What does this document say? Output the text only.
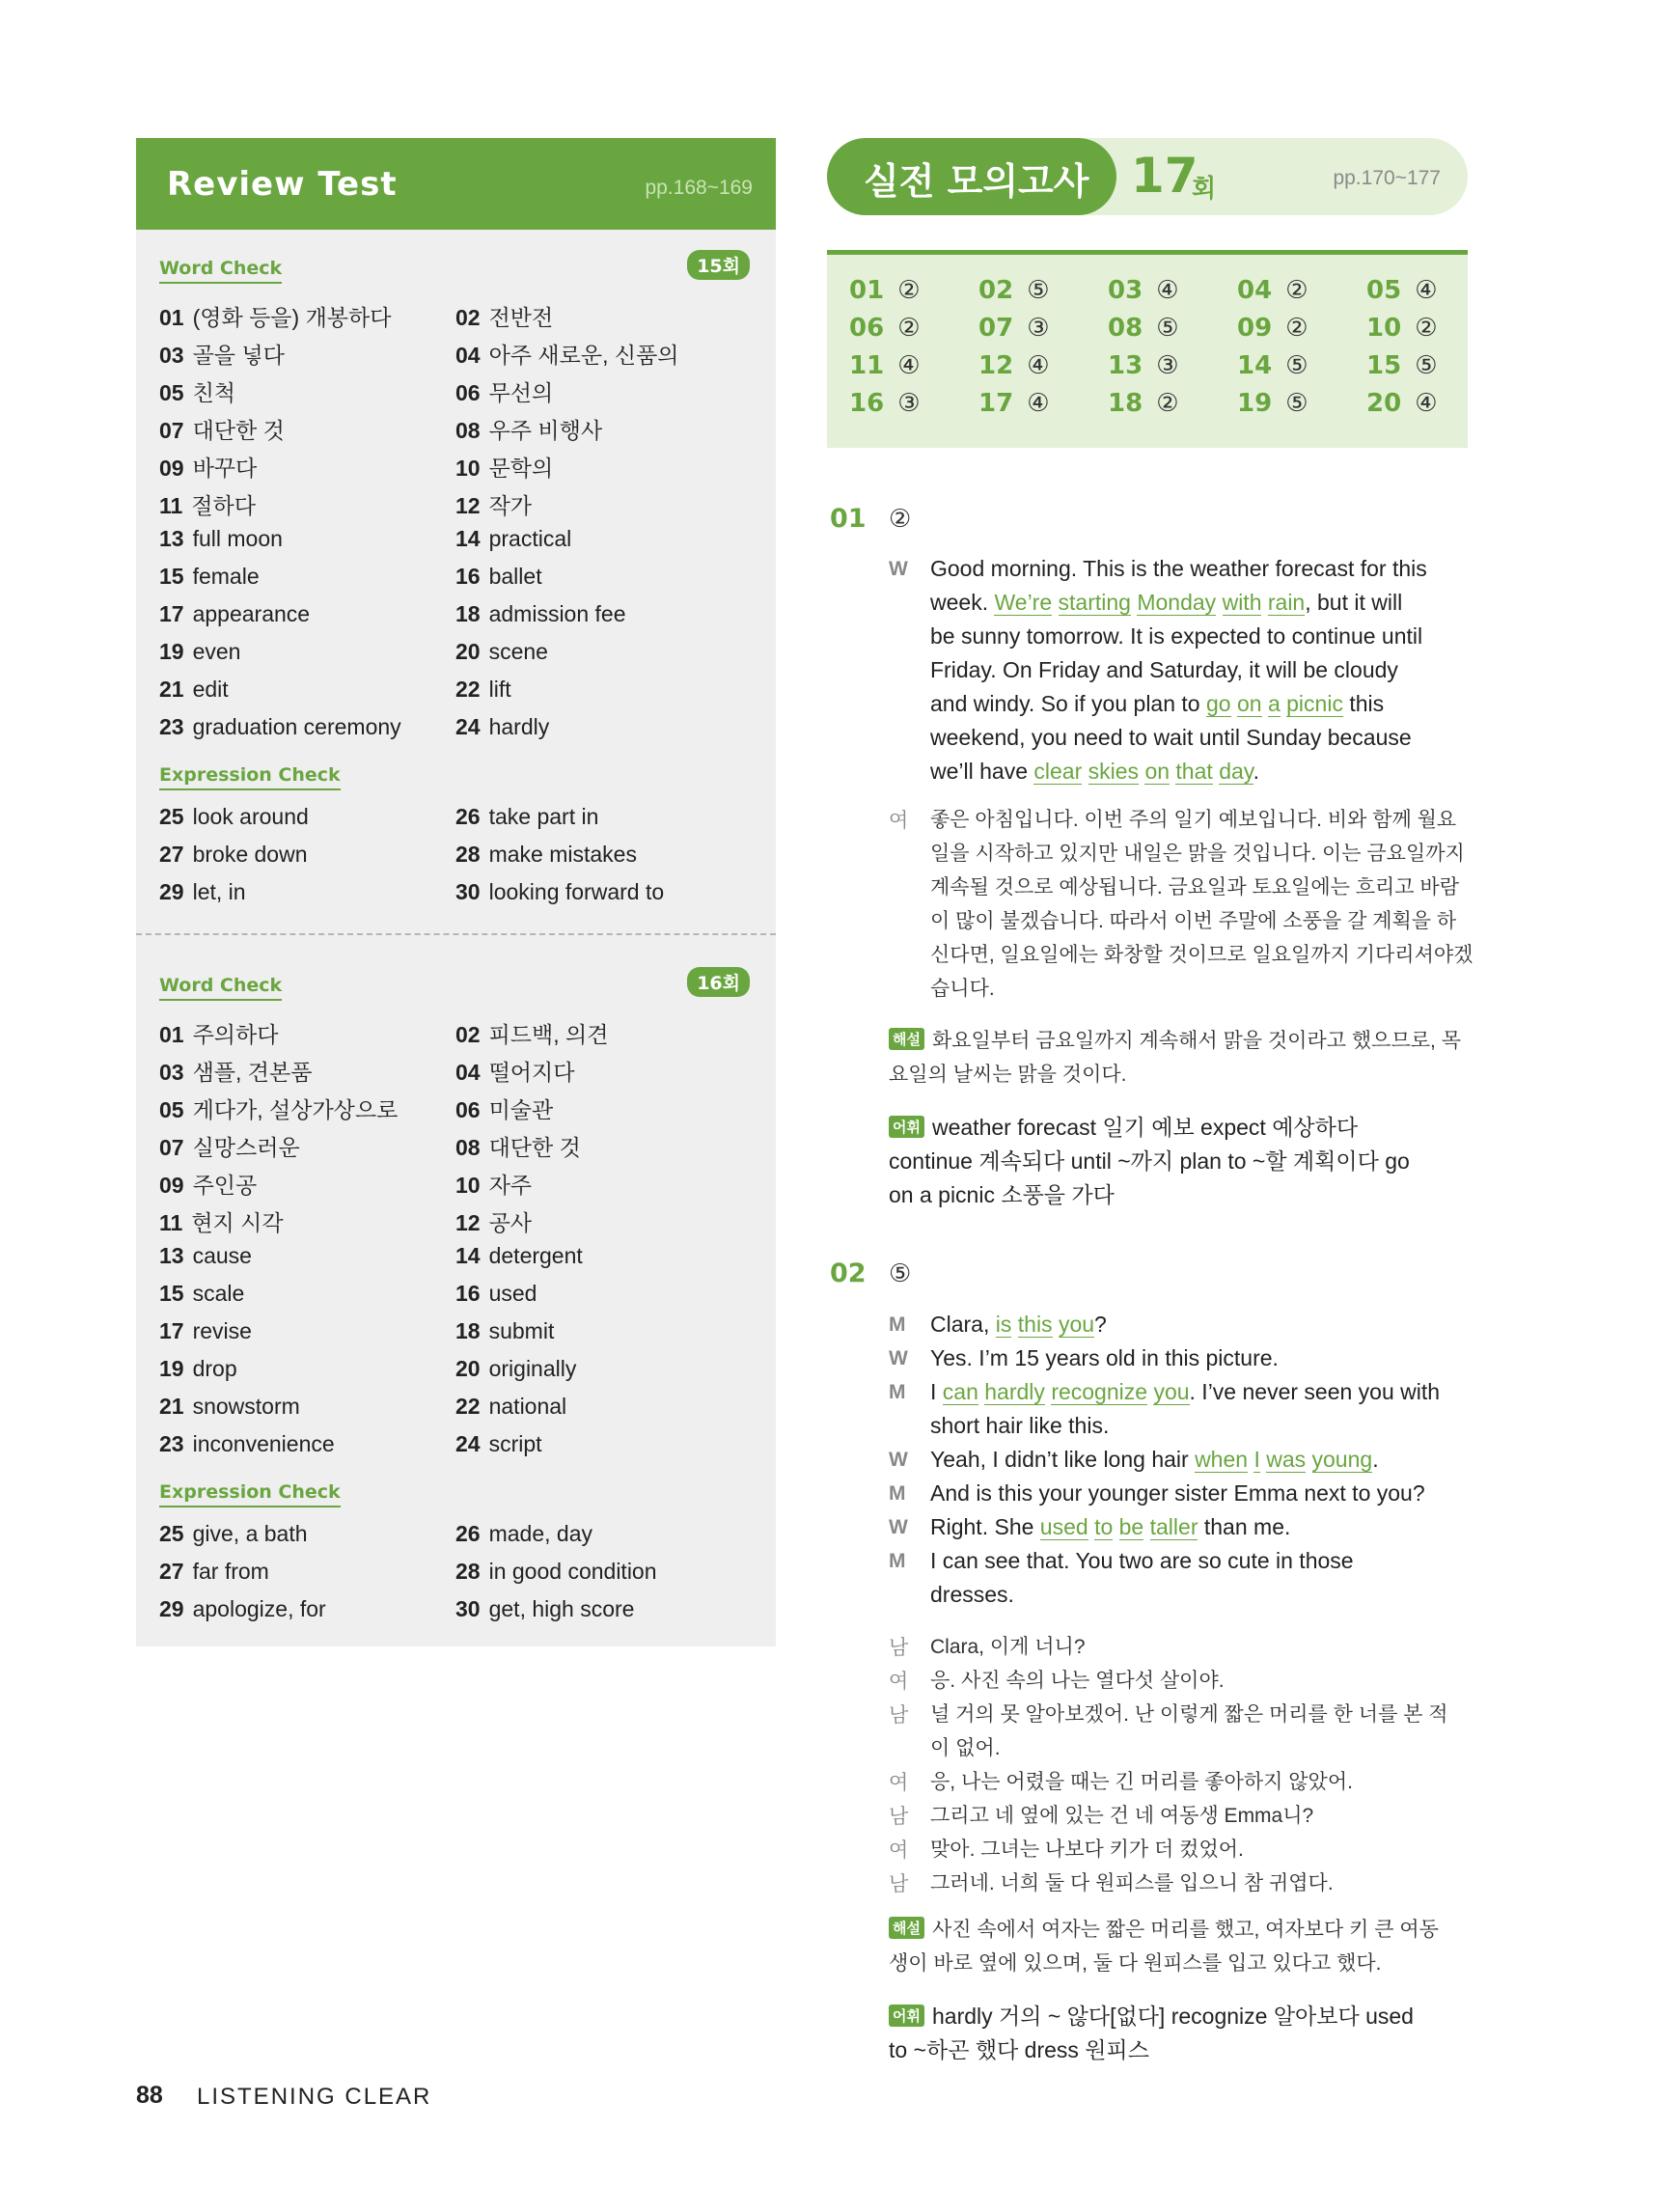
Review Test	pp.168~169
Word Check	15회
01 (영화 등을) 개봉하다	02 전반전
03 골을 넣다	04 아주 새로운, 신품의
05 친척	06 무선의
07 대단한 것	08 우주 비행사
09 바꾸다	10 문학의
11 절하다	12 작가
13 full moon	14 practical
15 female	16 ballet
17 appearance	18 admission fee
19 even	20 scene
21 edit	22 lift
23 graduation ceremony 24 hardly
Expression Check
25 look around	26 take part in
27 broke down	28 make mistakes
29 let, in	30 looking forward to
Word Check	16회
01 주의하다	02 피드백, 의견
03 샘플, 견본품	04 떨어지다
05 게다가, 설상가상으로	06 미술관
07 실망스러운	08 대단한 것
09 주인공	10 자주
11 현지 시각	12 공사
13 cause	14 detergent
15 scale	16 used
17 revise	18 submit
19 drop	20 originally
21 snowstorm	22 national
23 inconvenience	24 script
Expression Check
25 give, a bath	26 made, day
27 far from	28 in good condition
29 apologize, for	30 get, high score
실전 모의고사 17
회	pp.170~177
01 ② 02 ⑤ 03 ④ 04 ② 05 ④
06 ② 07 ③ 08 ⑤ 09 ② 10 ②
11 ④ 12 ④ 13 ③ 14 ⑤ 15 ⑤
16 ③ 17 ④ 18 ② 19 ⑤ 20 ④
01 ②
W Good morning. This is the weather forecast for this
week. We’re starting Monday with rain, but it will
be sunny tomorrow. It is expected to continue until
Friday. On Friday and Saturday, it will be cloudy
and windy. So if you plan to go on a picnic this
weekend, you need to wait until Sunday because
we’ll have clear skies on that day.
여 좋은 아침입니다. 이번 주의 일기 예보입니다. 비와 함께 월요
일을 시작하고 있지만 내일은 맑을 것입니다. 이는 금요일까지
계속될 것으로 예상됩니다. 금요일과 토요일에는 흐리고 바람
이 많이 불겠습니다. 따라서 이번 주말에 소풍을 갈 계획을 하
신다면, 일요일에는 화창할 것이므로 일요일까지 기다리셔야겠
습니다.
해설 화요일부터 금요일까지 계속해서 맑을 것이라고 했으므로, 목
요일의 날씨는 맑을 것이다.
어휘 weather forecast 일기 예보 expect 예상하다
continue 계속되다 until ~까지 plan to ~할 계획이다 go
on a picnic 소풍을 가다
02 ⑤
M Clara, is this you?
W Yes. I’m 15 years old in this picture.
M I can hardly recognize you. I’ve never seen you with
short hair like this.
W Yeah, I didn’t like long hair when I was young.
M And is this your younger sister Emma next to you?
W Right. She used to be taller than me.
M I can see that. You two are so cute in those
dresses.
남 Clara, 이게 너니?
여 응. 사진 속의 나는 열다섯 살이야.
남 널 거의 못 알아보겠어. 난 이렇게 짧은 머리를 한 너를 본 적
이 없어.
여 응, 나는 어렸을 때는 긴 머리를 좋아하지 않았어.
남 그리고 네 옆에 있는 건 네 여동생 Emma니?
여 맞아. 그녀는 나보다 키가 더 컸었어.
남 그러네. 너희 둘 다 원피스를 입으니 참 귀엽다.
해설 사진 속에서 여자는 짧은 머리를 했고, 여자보다 키 큰 여동
생이 바로 옆에 있으며, 둘 다 원피스를 입고 있다고 했다.
어휘 hardly 거의 ~ 않다[없다] recognize 알아보다 used
to ~하곤 했다 dress 원피스
88 LISTENING CLEAR
